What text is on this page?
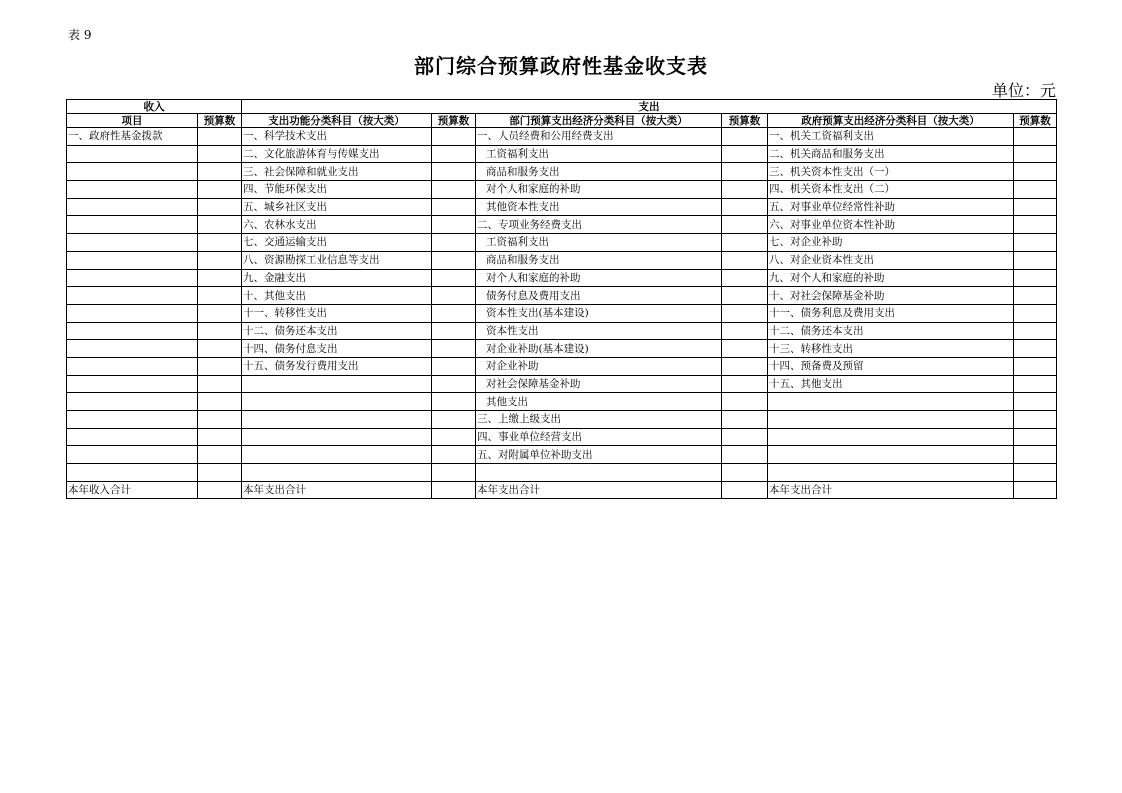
表 9
部门综合预算政府性基金收支表
单位：元
收入		支出					
项目	预算数	支出功能分类科目（按大类）	预算数	部门预算支出经济分类科目（按大类）	预算数	政府预算支出经济分类科目（按大类）	预算数
一、政府性基金拨款		一、科学技术支出		一、人员经费和公用经费支出		一、机关工资福利支出	
		二、文化旅游体育与传媒支出		工资福利支出		二、机关商品和服务支出	
		三、社会保障和就业支出		商品和服务支出		三、机关资本性支出（一）	
		四、节能环保支出		对个人和家庭的补助		四、机关资本性支出（二）	
		五、城乡社区支出		其他资本性支出		五、对事业单位经常性补助	
		六、农林水支出		二、专项业务经费支出		六、对事业单位资本性补助	
		七、交通运输支出		工资福利支出		七、对企业补助	
		八、资源勘探工业信息等支出		商品和服务支出		八、对企业资本性支出	
		九、金融支出		对个人和家庭的补助		九、对个人和家庭的补助	
		十、其他支出		债务付息及费用支出		十、对社会保障基金补助	
		十一、转移性支出		资本性支出(基本建设)		十一、债务利息及费用支出	
		十二、债务还本支出		资本性支出		十二、债务还本支出	
		十四、债务付息支出		对企业补助(基本建设)		十三、转移性支出	
		十五、债务发行费用支出		对企业补助		十四、预备费及预留	
				对社会保障基金补助		十五、其他支出	
				其他支出			
				三、上缴上级支出			
				四、事业单位经营支出			
				五、对附属单位补助支出			

本年收入合计		本年支出合计		本年支出合计		本年支出合计	
